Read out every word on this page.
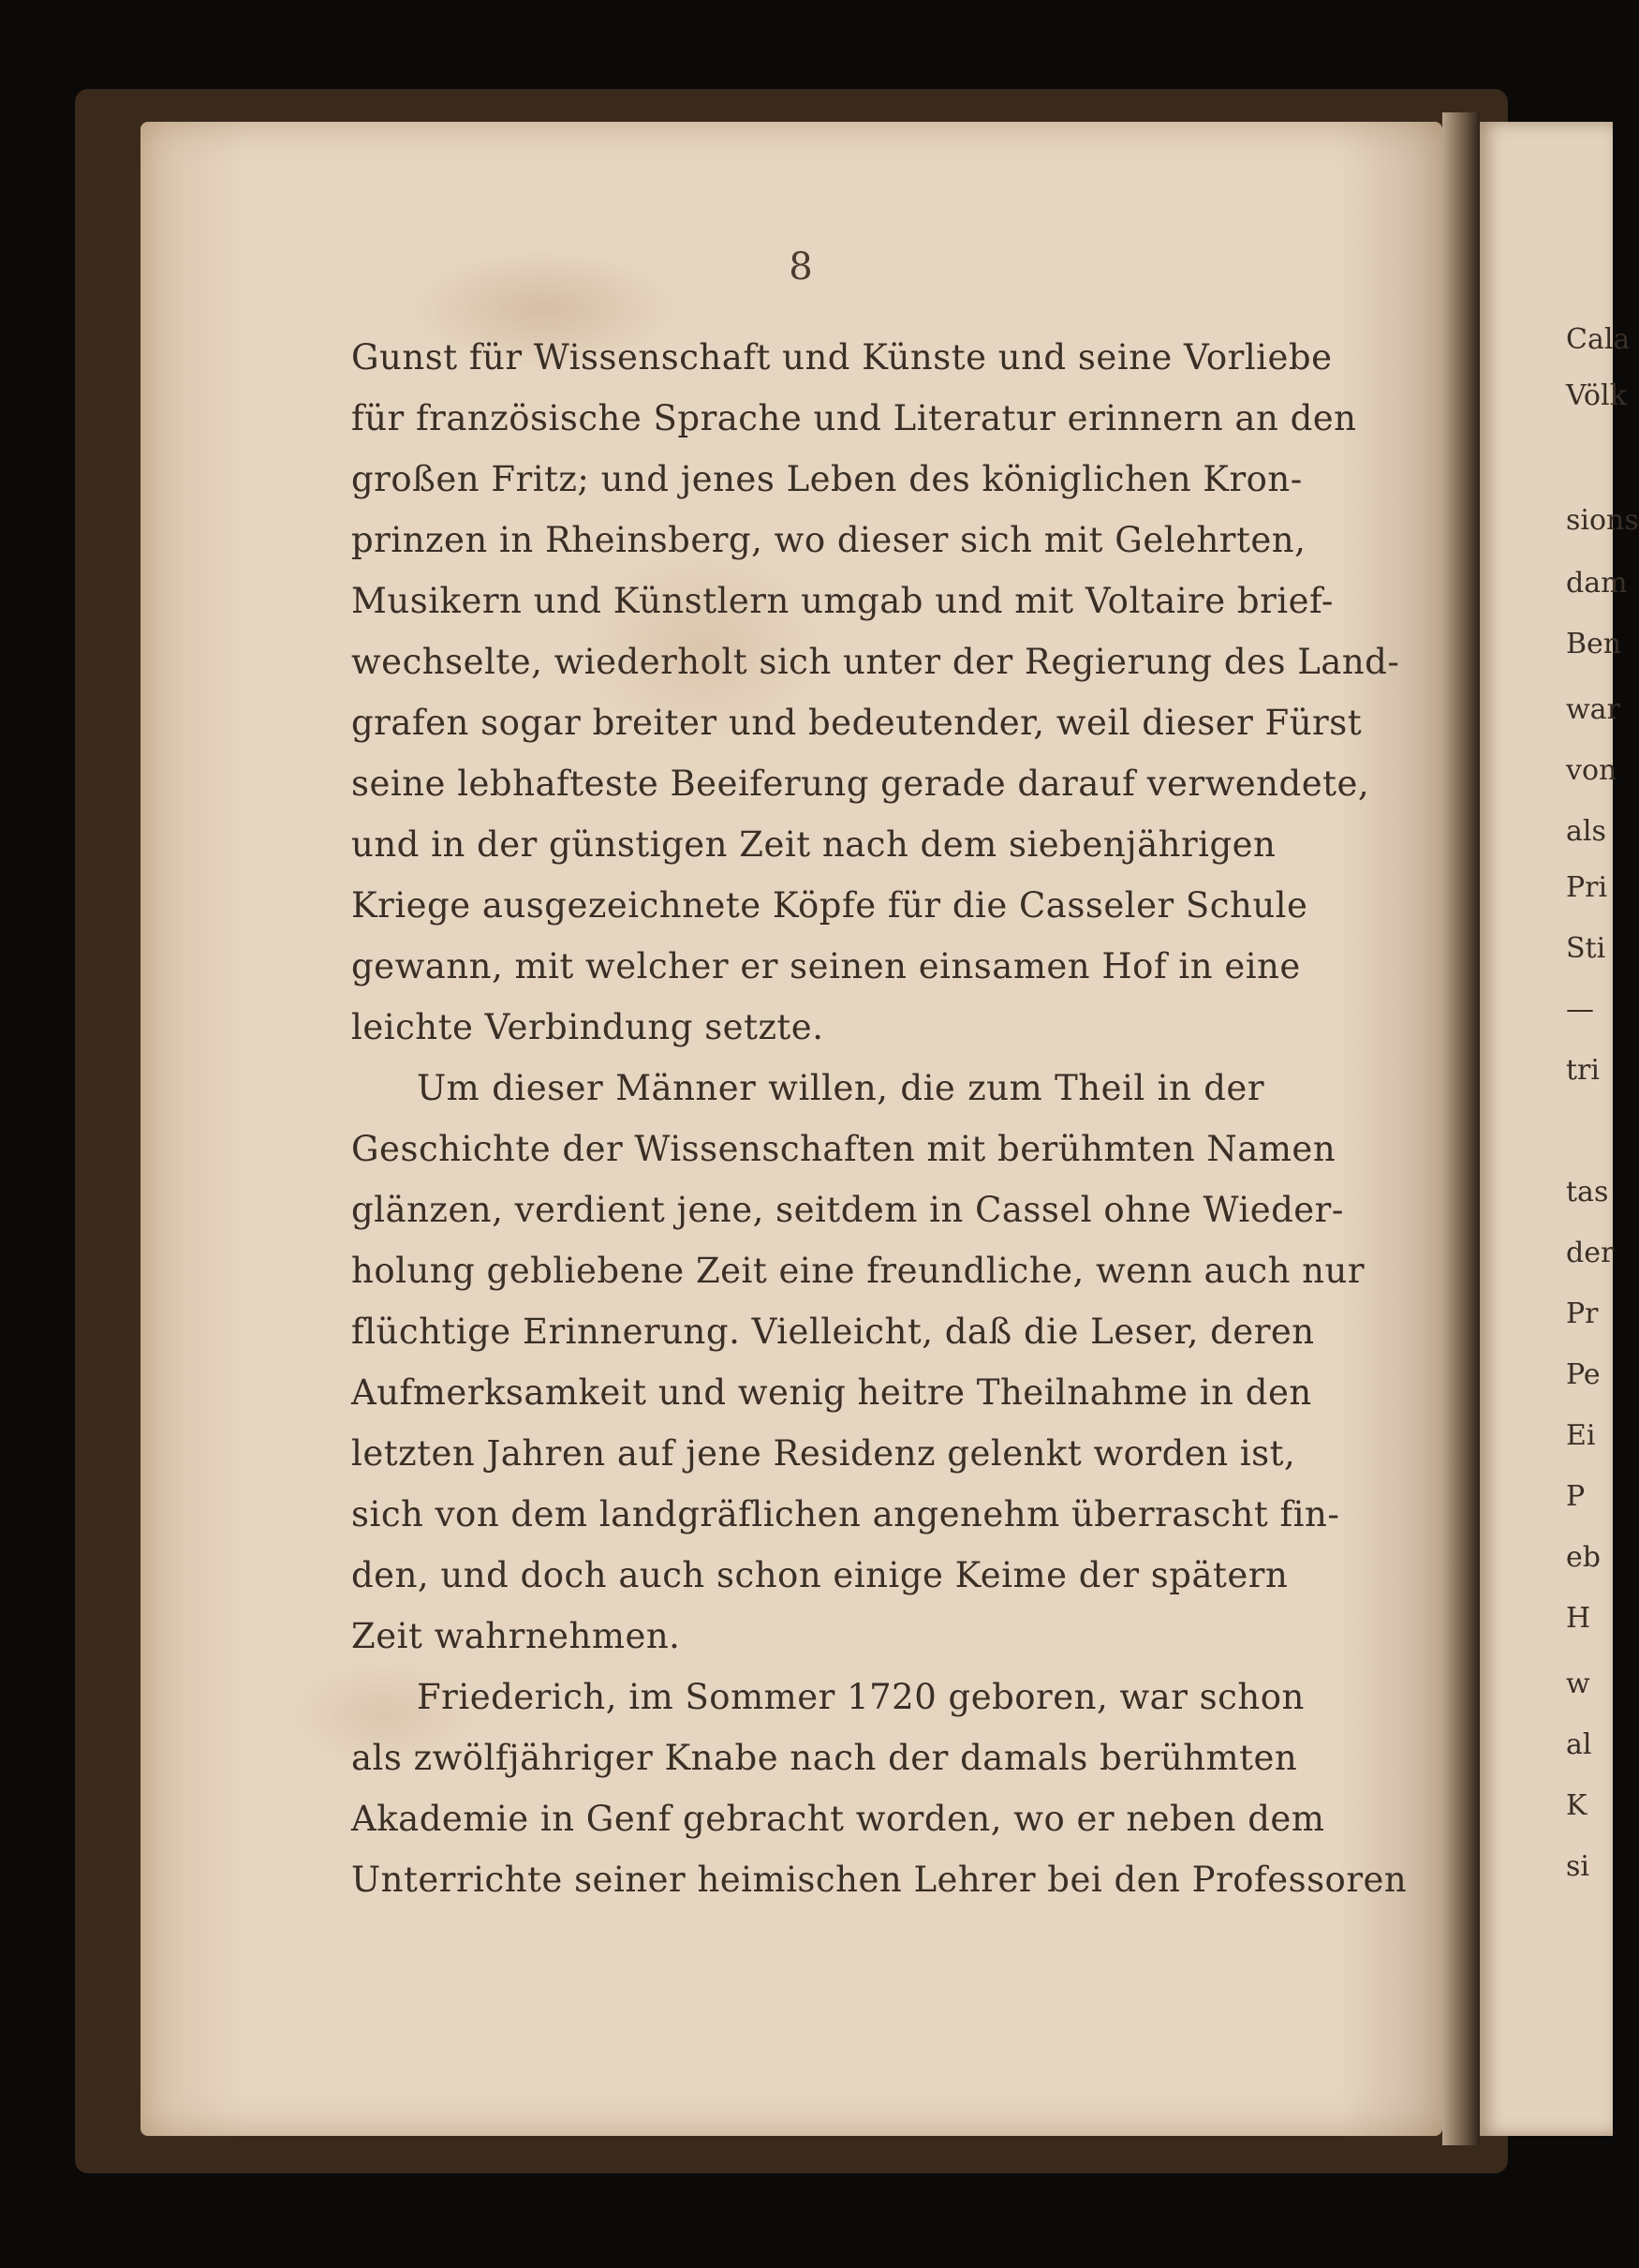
8
Gunst für Wissenschaft und Künste und seine Vorliebe
für französische Sprache und Literatur erinnern an den
großen Fritz; und jenes Leben des königlichen Kron-
prinzen in Rheinsberg, wo dieser sich mit Gelehrten,
Musikern und Künstlern umgab und mit Voltaire brief-
wechselte, wiederholt sich unter der Regierung des Land-
grafen sogar breiter und bedeutender, weil dieser Fürst
seine lebhafteste Beeiferung gerade darauf verwendete,
und in der günstigen Zeit nach dem siebenjährigen
Kriege ausgezeichnete Köpfe für die Casseler Schule
gewann, mit welcher er seinen einsamen Hof in eine
leichte Verbindung setzte.
Um dieser Männer willen, die zum Theil in der
Geschichte der Wissenschaften mit berühmten Namen
glänzen, verdient jene, seitdem in Cassel ohne Wieder-
holung gebliebene Zeit eine freundliche, wenn auch nur
flüchtige Erinnerung. Vielleicht, daß die Leser, deren
Aufmerksamkeit und wenig heitre Theilnahme in den
letzten Jahren auf jene Residenz gelenkt worden ist,
sich von dem landgräflichen angenehm überrascht fin-
den, und doch auch schon einige Keime der spätern
Zeit wahrnehmen.
Friederich, im Sommer 1720 geboren, war schon
als zwölfjähriger Knabe nach der damals berühmten
Akademie in Genf gebracht worden, wo er neben dem
Unterrichte seiner heimischen Lehrer bei den Professoren
Cala
Völk
sions
dam
Ben
war
von
als
Pri
Sti
—
tri
tas
der
Pr
Pe
Ei
P
eb
H
w
al
K
si
